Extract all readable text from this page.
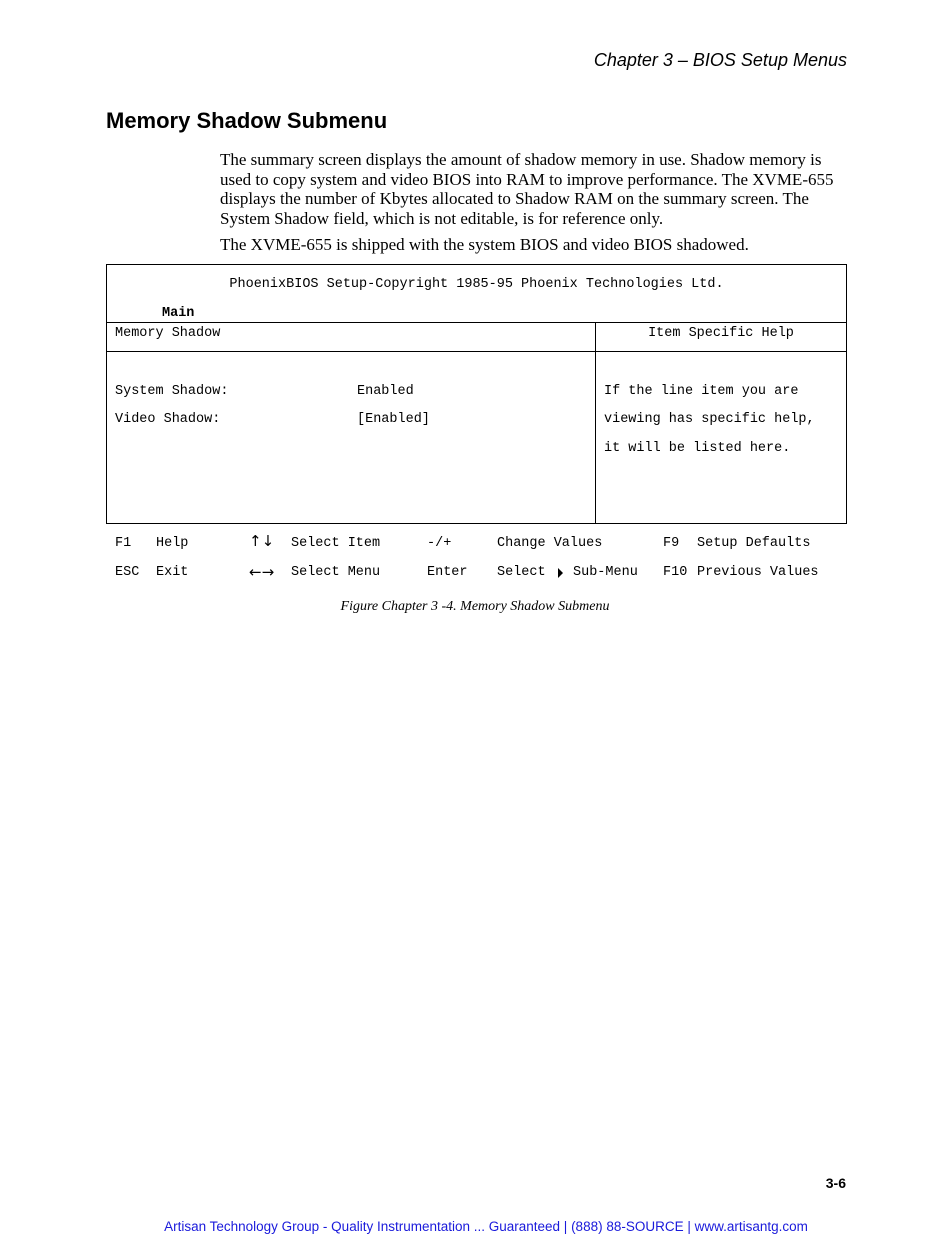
Chapter 3 – BIOS Setup Menus
Memory Shadow Submenu

The summary screen displays the amount of shadow memory in use. Shadow memory is used to copy system and video BIOS into RAM to improve performance. The XVME-655 displays the number of Kbytes allocated to Shadow RAM on the summary screen. The System Shadow field, which is not editable, is for reference only.

The XVME-655 is shipped with the system BIOS and video BIOS shadowed.

PhoenixBIOS Setup-Copyright 1985-95 Phoenix Technologies Ltd.
Main
Memory Shadow	Item Specific Help
System Shadow:	Enabled
Video Shadow:	[Enabled]
If the line item you are
viewing has specific help,
it will be listed here.
F1 Help	↑↓ Select Item	-/+	Change Values	F9 Setup Defaults
ESC Exit	←→ Select Menu	Enter Select Sub-Menu F10 Previous Values
Figure Chapter 3 -4. Memory Shadow Submenu
3-6
Artisan Technology Group - Quality Instrumentation ... Guaranteed | (888) 88-SOURCE | www.artisantg.com
